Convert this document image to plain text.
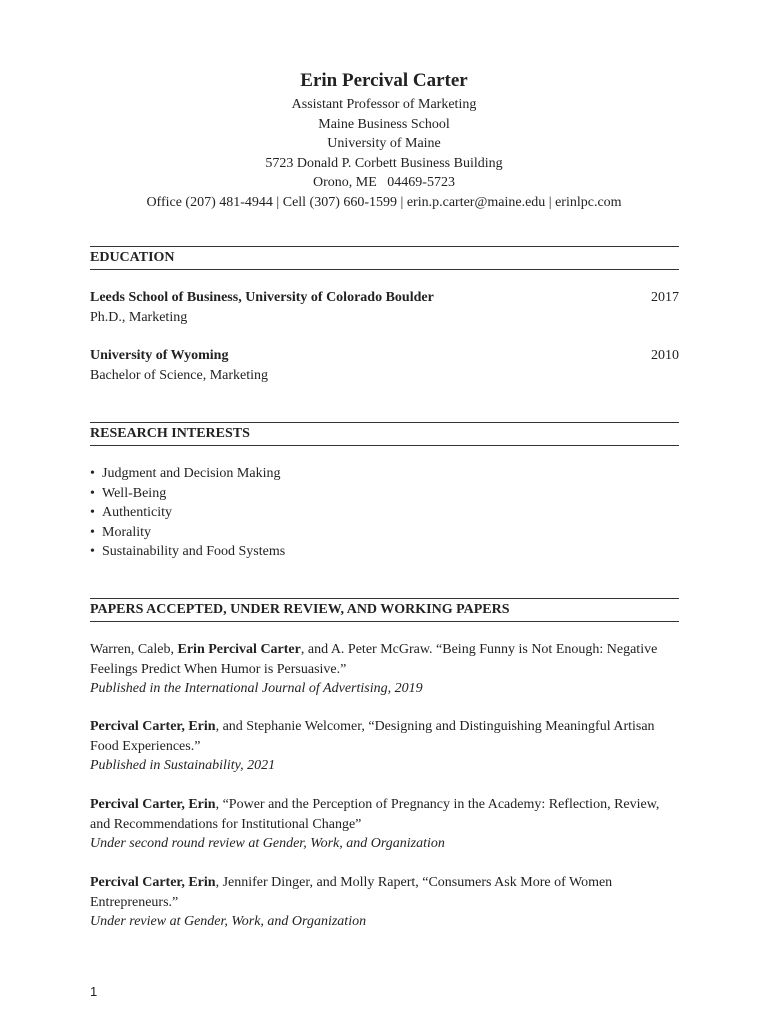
Erin Percival Carter
Assistant Professor of Marketing
Maine Business School
University of Maine
5723 Donald P. Corbett Business Building
Orono, ME   04469-5723
Office (207) 481-4944 | Cell (307) 660-1599 | erin.p.carter@maine.edu | erinlpc.com
EDUCATION
Leeds School of Business, University of Colorado Boulder	2017
Ph.D., Marketing
University of Wyoming	2010
Bachelor of Science, Marketing
RESEARCH INTERESTS
• Judgment and Decision Making
• Well-Being
• Authenticity
• Morality
• Sustainability and Food Systems
PAPERS ACCEPTED, UNDER REVIEW, AND WORKING PAPERS
Warren, Caleb, Erin Percival Carter, and A. Peter McGraw. “Being Funny is Not Enough: Negative Feelings Predict When Humor is Persuasive.”
Published in the International Journal of Advertising, 2019
Percival Carter, Erin, and Stephanie Welcomer, “Designing and Distinguishing Meaningful Artisan Food Experiences.”
Published in Sustainability, 2021
Percival Carter, Erin, “Power and the Perception of Pregnancy in the Academy: Reflection, Review, and Recommendations for Institutional Change”
Under second round review at Gender, Work, and Organization
Percival Carter, Erin, Jennifer Dinger, and Molly Rapert, “Consumers Ask More of Women Entrepreneurs.”
Under review at Gender, Work, and Organization
1
